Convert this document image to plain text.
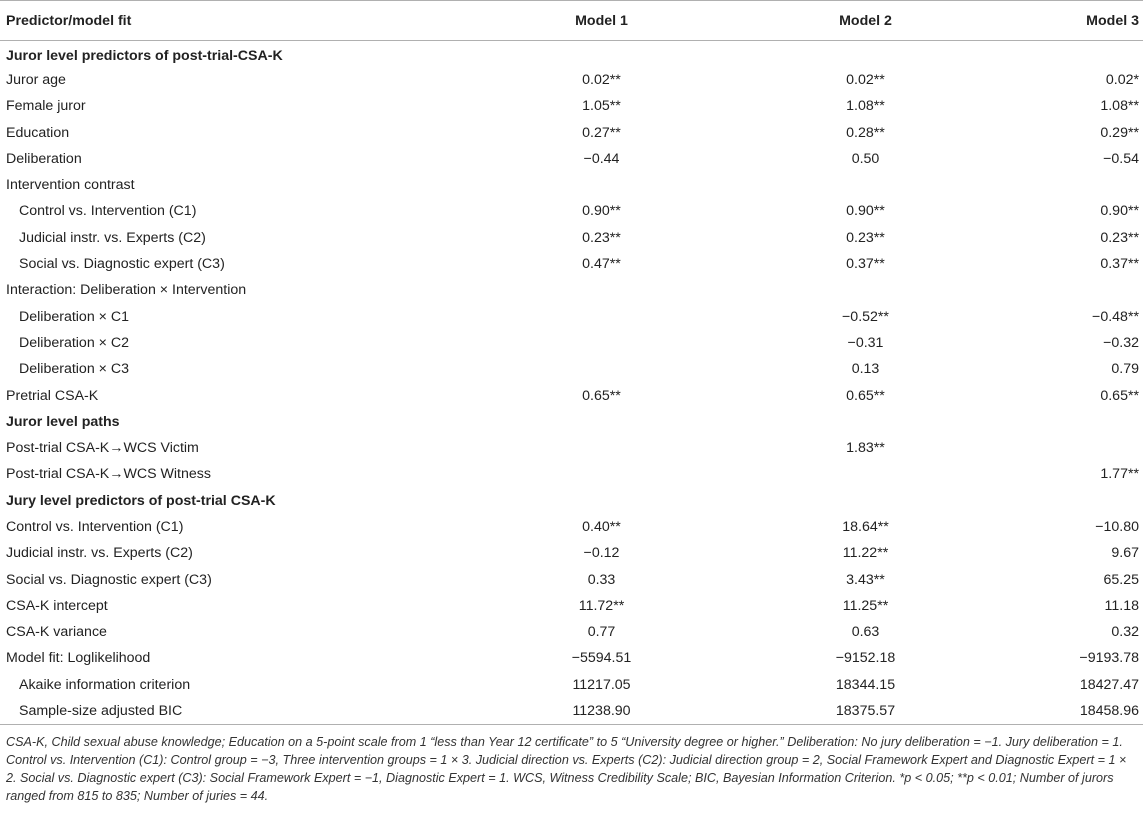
Predictor/model fit	Model 1	Model 2	Model 3
Juror level predictors of post-trial-CSA-K			
Juror age	0.02**	0.02**	0.02*
Female juror	1.05**	1.08**	1.08**
Education	0.27**	0.28**	0.29**
Deliberation	−0.44	0.50	−0.54
Intervention contrast			
Control vs. Intervention (C1)	0.90**	0.90**	0.90**
Judicial instr. vs. Experts (C2)	0.23**	0.23**	0.23**
Social vs. Diagnostic expert (C3)	0.47**	0.37**	0.37**
Interaction: Deliberation × Intervention			
Deliberation × C1		−0.52**	−0.48**
Deliberation × C2		−0.31	−0.32
Deliberation × C3		0.13	0.79
Pretrial CSA-K	0.65**	0.65**	0.65**
Juror level paths			
Post-trial CSA-K→WCS Victim		1.83**	
Post-trial CSA-K→WCS Witness			1.77**
Jury level predictors of post-trial CSA-K			
Control vs. Intervention (C1)	0.40**	18.64**	−10.80
Judicial instr. vs. Experts (C2)	−0.12	11.22**	9.67
Social vs. Diagnostic expert (C3)	0.33	3.43**	65.25
CSA-K intercept	11.72**	11.25**	11.18
CSA-K variance	0.77	0.63	0.32
Model fit: Loglikelihood	−5594.51	−9152.18	−9193.78
Akaike information criterion	11217.05	18344.15	18427.47
Sample-size adjusted BIC	11238.90	18375.57	18458.96

CSA-K, Child sexual abuse knowledge; Education on a 5-point scale from 1 “less than Year 12 certificate” to 5 “University degree or higher.” Deliberation: No jury deliberation = −1. Jury deliberation = 1. Control vs. Intervention (C1): Control group = −3, Three intervention groups = 1 × 3. Judicial direction vs. Experts (C2): Judicial direction group = 2, Social Framework Expert and Diagnostic Expert = 1 × 2. Social vs. Diagnostic expert (C3): Social Framework Expert = −1, Diagnostic Expert = 1. WCS, Witness Credibility Scale; BIC, Bayesian Information Criterion. *p < 0.05; **p < 0.01; Number of jurors ranged from 815 to 835; Number of juries = 44.
